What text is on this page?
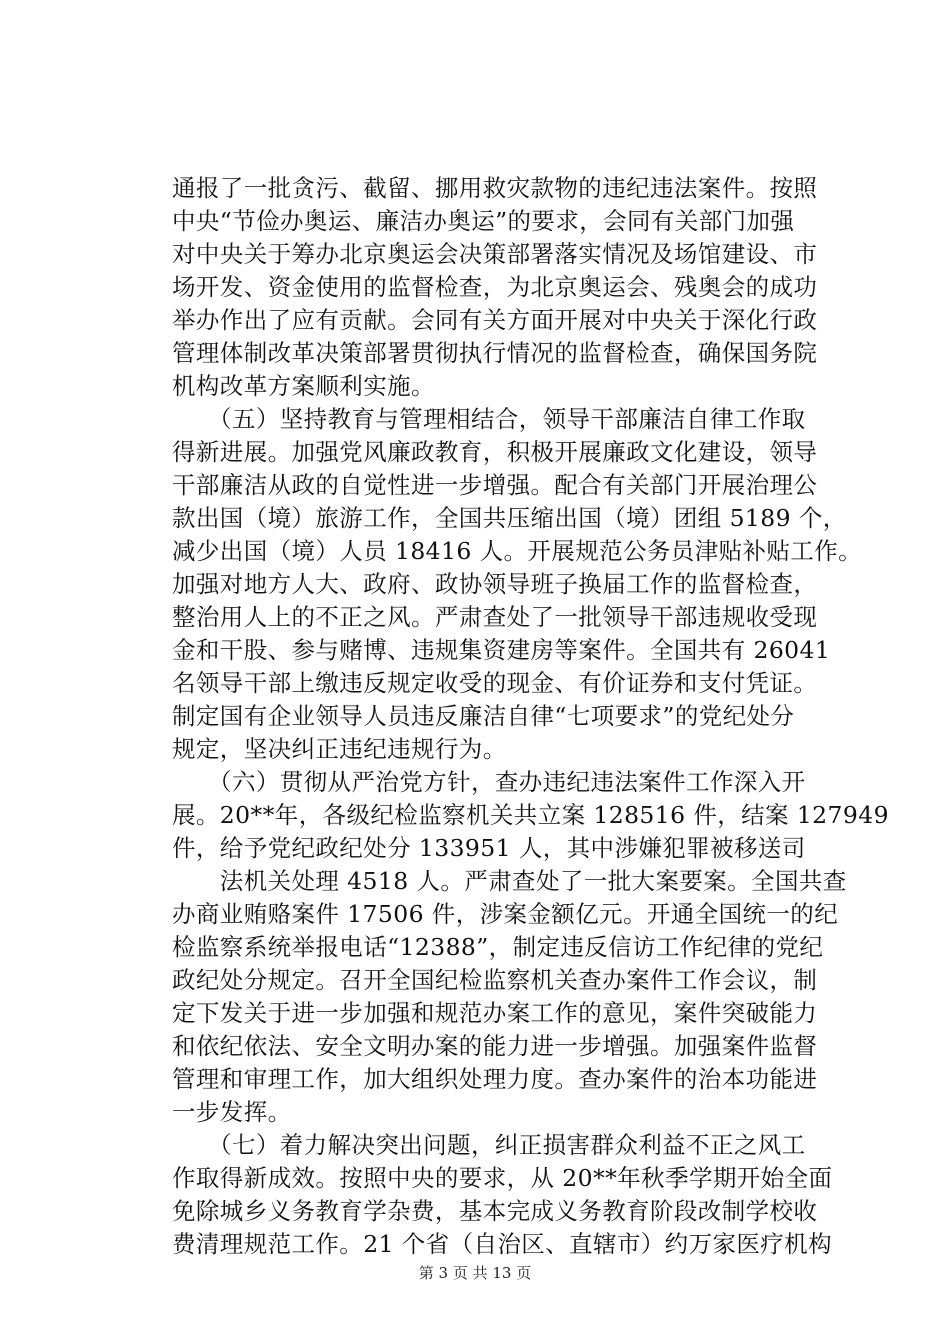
通报了一批贪污、截留、挪用救灾款物的违纪违法案件。按照
中央“节俭办奥运、廉洁办奥运”的要求，会同有关部门加强
对中央关于筹办北京奥运会决策部署落实情况及场馆建设、市
场开发、资金使用的监督检查，为北京奥运会、残奥会的成功
举办作出了应有贡献。会同有关方面开展对中央关于深化行政
管理体制改革决策部署贯彻执行情况的监督检查，确保国务院
机构改革方案顺利实施。
　　（五）坚持教育与管理相结合，领导干部廉洁自律工作取
得新进展。加强党风廉政教育，积极开展廉政文化建设，领导
干部廉洁从政的自觉性进一步增强。配合有关部门开展治理公
款出国（境）旅游工作，全国共压缩出国（境）团组 5189 个，
减少出国（境）人员 18416 人。开展规范公务员津贴补贴工作。
加强对地方人大、政府、政协领导班子换届工作的监督检查，
整治用人上的不正之风。严肃查处了一批领导干部违规收受现
金和干股、参与赌博、违规集资建房等案件。全国共有 26041
名领导干部上缴违反规定收受的现金、有价证券和支付凭证。
制定国有企业领导人员违反廉洁自律“七项要求”的党纪处分
规定，坚决纠正违纪违规行为。
　　（六）贯彻从严治党方针，查办违纪违法案件工作深入开
展。20**年，各级纪检监察机关共立案 128516 件，结案 127949
件，给予党纪政纪处分 133951 人，其中涉嫌犯罪被移送司
　　法机关处理 4518 人。严肃查处了一批大案要案。全国共查
办商业贿赂案件 17506 件，涉案金额亿元。开通全国统一的纪
检监察系统举报电话“12388”，制定违反信访工作纪律的党纪
政纪处分规定。召开全国纪检监察机关查办案件工作会议，制
定下发关于进一步加强和规范办案工作的意见，案件突破能力
和依纪依法、安全文明办案的能力进一步增强。加强案件监督
管理和审理工作，加大组织处理力度。查办案件的治本功能进
一步发挥。
　　（七）着力解决突出问题，纠正损害群众利益不正之风工
作取得新成效。按照中央的要求，从 20**年秋季学期开始全面
免除城乡义务教育学杂费，基本完成义务教育阶段改制学校收
费清理规范工作。21 个省（自治区、直辖市）约万家医疗机构
第 3 页 共 13 页
